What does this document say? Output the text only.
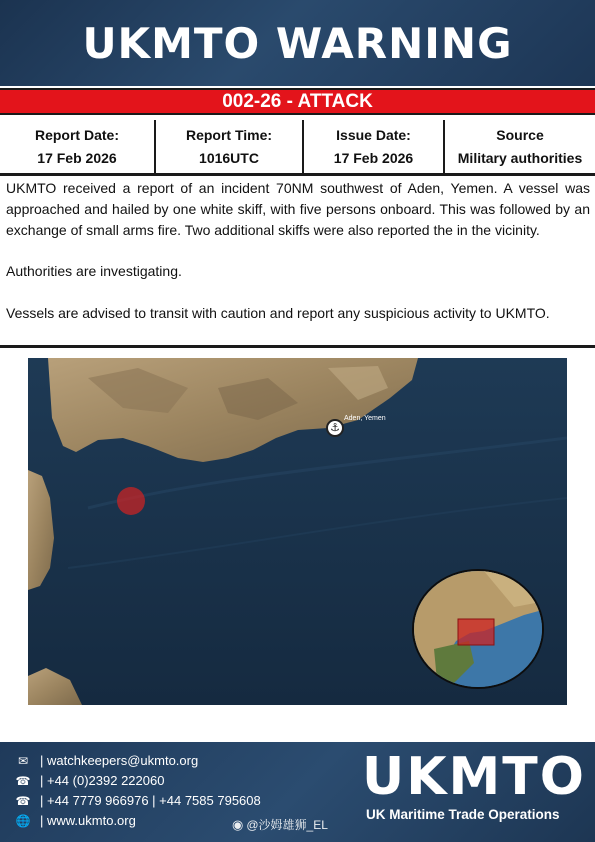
UKMTO WARNING
002-26 - ATTACK
Report Date:
17 Feb 2026
Report Time:
1016UTC
Issue Date:
17 Feb 2026
Source
Military authorities

UKMTO received a report of an incident 70NM southwest of Aden, Yemen. A vessel was approached and hailed by one white skiff, with five persons onboard. This was followed by an exchange of small arms fire. Two additional skiffs were also reported the in the vicinity.

Authorities are investigating.

Vessels are advised to transit with caution and report any suspicious activity to UKMTO.

⚓
Aden, Yemen
✉ | watchkeepers@ukmto.org
☎ | +44 (0)2392 222060
☎ | +44 7779 966976 | +44 7585 795608
🌐 | www.ukmto.org
UKMTO
UK Maritime Trade Operations
◉ @沙姆雄狮_EL
